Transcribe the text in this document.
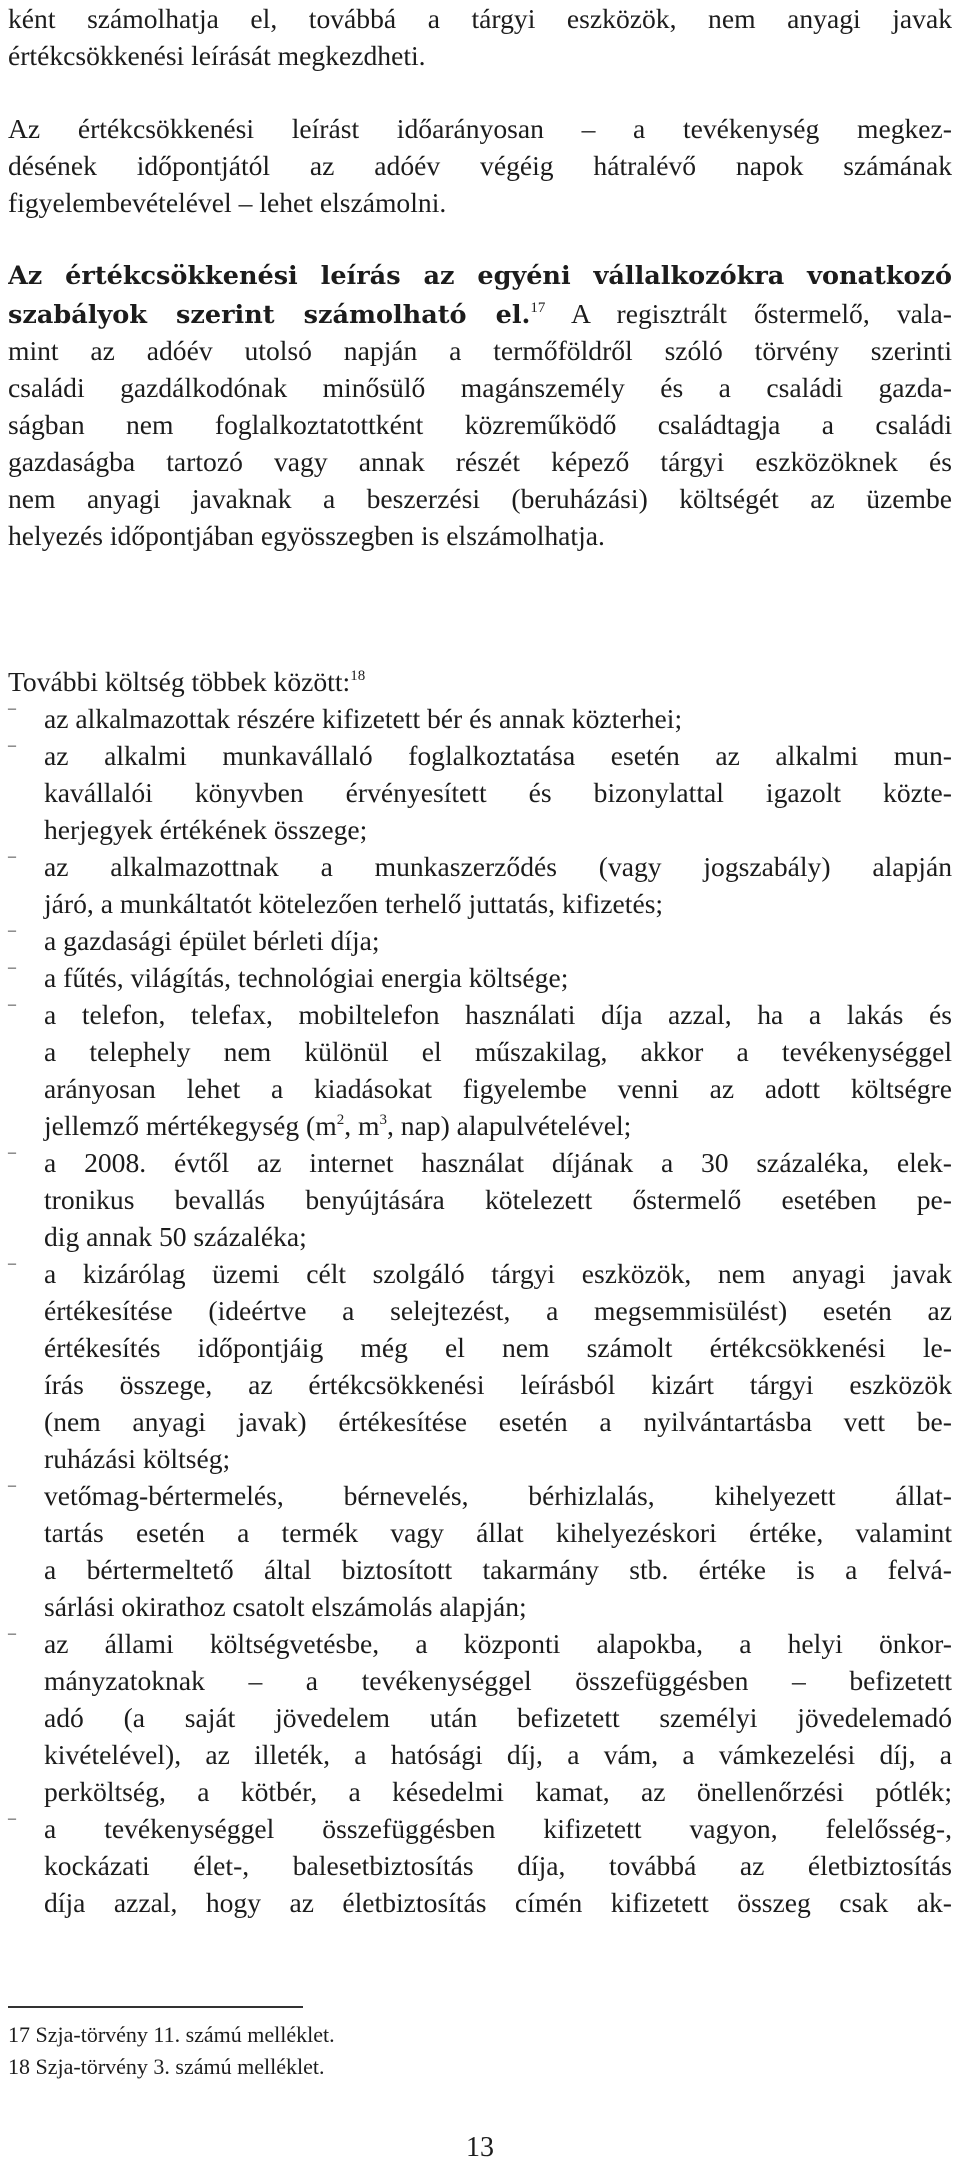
ként számolhatja el, továbbá a tárgyi eszközök, nem anyagi javak
értékcsökkenési leírását megkezdheti.
Az értékcsökkenési leírást időarányosan – a tevékenység megkez-
désének időpontjától az adóév végéig hátralévő napok számának
figyelembevételével – lehet elszámolni.
Az értékcsökkenési leírás az egyéni vállalkozókra vonatkozó
szabályok szerint számolható el.$^{17}$ A regisztrált őstermelő, vala-
mint az adóév utolsó napján a termőföldről szóló törvény szerinti
családi gazdálkodónak minősülő magánszemély és a családi gazda-
ságban nem foglalkoztatottként közreműködő családtagja a családi
gazdaságba tartozó vagy annak részét képező tárgyi eszközöknek és
nem anyagi javaknak a beszerzési (beruházási) költségét az üzembe
helyezés időpontjában egyösszegben is elszámolhatja.
További költség többek között:$^{18}$
–	az alkalmazottak részére kifizetett bér és annak közterhei;
–	az alkalmi munkavállaló foglalkoztatása esetén az alkalmi mun-
kavállalói könyvben érvényesített és bizonylattal igazolt közte-
herjegyek értékének összege;
–	az alkalmazottnak a munkaszerződés (vagy jogszabály) alapján
járó, a munkáltatót kötelezően terhelő juttatás, kifizetés;
–	a gazdasági épület bérleti díja;
–	a fűtés, világítás, technológiai energia költsége;
–	a telefon, telefax, mobiltelefon használati díja azzal, ha a lakás és
a telephely nem különül el műszakilag, akkor a tevékenységgel
arányosan lehet a kiadásokat figyelembe venni az adott költségre
jellemző mértékegység ($m^2$, $m^3$, nap) alapulvételével;
–	a 2008. évtől az internet használat díjának a 30 százaléka, elek-
tronikus bevallás benyújtására kötelezett őstermelő esetében pe-
dig annak 50 százaléka;
–	a kizárólag üzemi célt szolgáló tárgyi eszközök, nem anyagi javak
értékesítése (ideértve a selejtezést, a megsemmisülést) esetén az
értékesítés időpontjáig még el nem számolt értékcsökkenési le-
írás összege, az értékcsökkenési leírásból kizárt tárgyi eszközök
(nem anyagi javak) értékesítése esetén a nyilvántartásba vett be-
ruházási költség;
–	vetőmag-bértermelés, bérnevelés, bérhizlalás, kihelyezett állat-
tartás esetén a termék vagy állat kihelyezéskori értéke, valamint
a bértermeltető által biztosított takarmány stb. értéke is a felvá-
sárlási okirathoz csatolt elszámolás alapján;
–	az állami költségvetésbe, a központi alapokba, a helyi önkor-
mányzatoknak – a tevékenységgel összefüggésben – befizetett
adó (a saját jövedelem után befizetett személyi jövedelemadó
kivételével), az illeték, a hatósági díj, a vám, a vámkezelési díj, a
perköltség, a kötbér, a késedelmi kamat, az önellenőrzési pótlék;
–	a tevékenységgel összefüggésben kifizetett vagyon, felelősség-,
kockázati élet-, balesetbiztosítás díja, továbbá az életbiztosítás
díja azzal, hogy az életbiztosítás címén kifizetett összeg csak ak-
17 Szja-törvény 11. számú melléklet.
18 Szja-törvény 3. számú melléklet.
13
